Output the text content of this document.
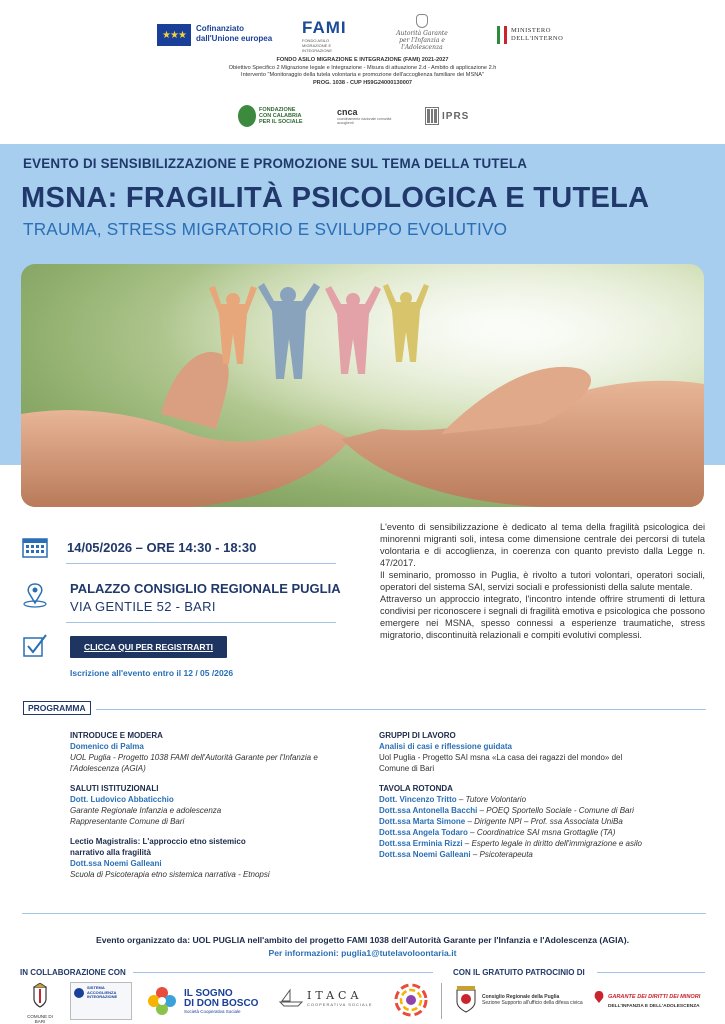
★★★
Cofinanziato
dall'Unione europea
FAMI
FONDO ASILO MIGRAZIONE E INTEGRAZIONE
Autorità Garante
per l'Infanzia e l'Adolescenza
MINISTERO
DELL'INTERNO
FONDO ASILO MIGRAZIONE E INTEGRAZIONE (FAMI) 2021-2027
Obiettivo Specifico 2 Migrazione legale e Integrazione - Misura di attuazione 2.d - Ambito di applicazione 2.h
Intervento "Monitoraggio della tutela volontaria e promozione dell'accoglienza familiare dei MSNA"
PROG. 1038 - CUP H59G24000130007
FONDAZIONE
CON CALABRIA
PER IL SOCIALE
cnca
coordinamento nazionale comunità accoglienti
IPRS
EVENTO DI SENSIBILIZZAZIONE E PROMOZIONE SUL TEMA DELLA TUTELA
MSNA: FRAGILITÀ PSICOLOGICA E TUTELA
TRAUMA, STRESS MIGRATORIO E SVILUPPO EVOLUTIVO
14/05/2026 – ORE 14:30 - 18:30
PALAZZO CONSIGLIO REGIONALE PUGLIA
VIA GENTILE 52 - BARI
CLICCA QUI PER REGISTRARTI
Iscrizione all'evento entro il 12 / 05 /2026

L'evento di sensibilizzazione è dedicato al tema della fragilità psicologica dei minorenni migranti soli, intesa come dimensione centrale dei percorsi di tutela volontaria e di accoglienza, in coerenza con quanto previsto dalla Legge n. 47/2017.

Il seminario, promosso in Puglia, è rivolto a tutori volontari, operatori sociali, operatori del sistema SAI, servizi sociali e professionisti della salute mentale.

Attraverso un approccio integrato, l'incontro intende offrire strumenti di lettura condivisi per riconoscere i segnali di fragilità emotiva e psicologica che possono emergere nei MSNA, spesso connessi a esperienze traumatiche, stress migratorio, discontinuità relazionali e compiti evolutivi complessi.

PROGRAMMA
INTRODUCE E MODERA
Domenico di Palma
UOL Puglia - Progetto 1038 FAMI dell'Autorità Garante per l'Infanzia e l'Adolescenza (AGIA)
SALUTI ISTITUZIONALI
Dott. Ludovico Abbaticchio
Garante Regionale Infanzia e adolescenza
Rappresentante Comune di Bari
Lectio Magistralis: L'approccio etno sistemico narrativo alla fragilità
Dott.ssa Noemi Galleani
Scuola di Psicoterapia etno sistemica narrativa - Etnopsi
GRUPPI DI LAVORO
Analisi di casi e riflessione guidata
Uol Puglia - Progetto SAI msna «La casa dei ragazzi del mondo» del Comune di Bari
TAVOLA ROTONDA
Dott. Vincenzo Tritto – Tutore Volontario
Dott.ssa Antonella Bacchi – POEQ Sportello Sociale - Comune di Bari
Dott.ssa Marta Simone – Dirigente NPI – Prof. ssa Associata UniBa
Dott.ssa Angela Todaro – Coordinatrice SAI msna Grottaglie (TA)
Dott.ssa Erminia Rizzi – Esperto legale in diritto dell'immigrazione e asilo
Dott.ssa Noemi Galleani – Psicoterapeuta
Evento organizzato da: UOL PUGLIA nell'ambito del progetto FAMI 1038 dell'Autorità Garante per l'Infanzia e l'Adolescenza (AGIA).
Per informazioni: puglia1@tutelavoloontaria.it
IN COLLABORAZIONE CON	CON IL GRATUITO PATROCINIO DI
COMUNE DI BARI
SISTEMA
ACCOGLIENZA
INTEGRAZIONE	IL SOGNO
DI DON BOSCO
Società Cooperativa Sociale
ITACA
COOPERATIVA SOCIALE
Consiglio Regionale della Puglia
Sezione Supporto all'ufficio della difesa civica
GARANTE DEI DIRITTI DEI MINORI
DELL'INFANZIA E DELL'ADOLESCENZA
